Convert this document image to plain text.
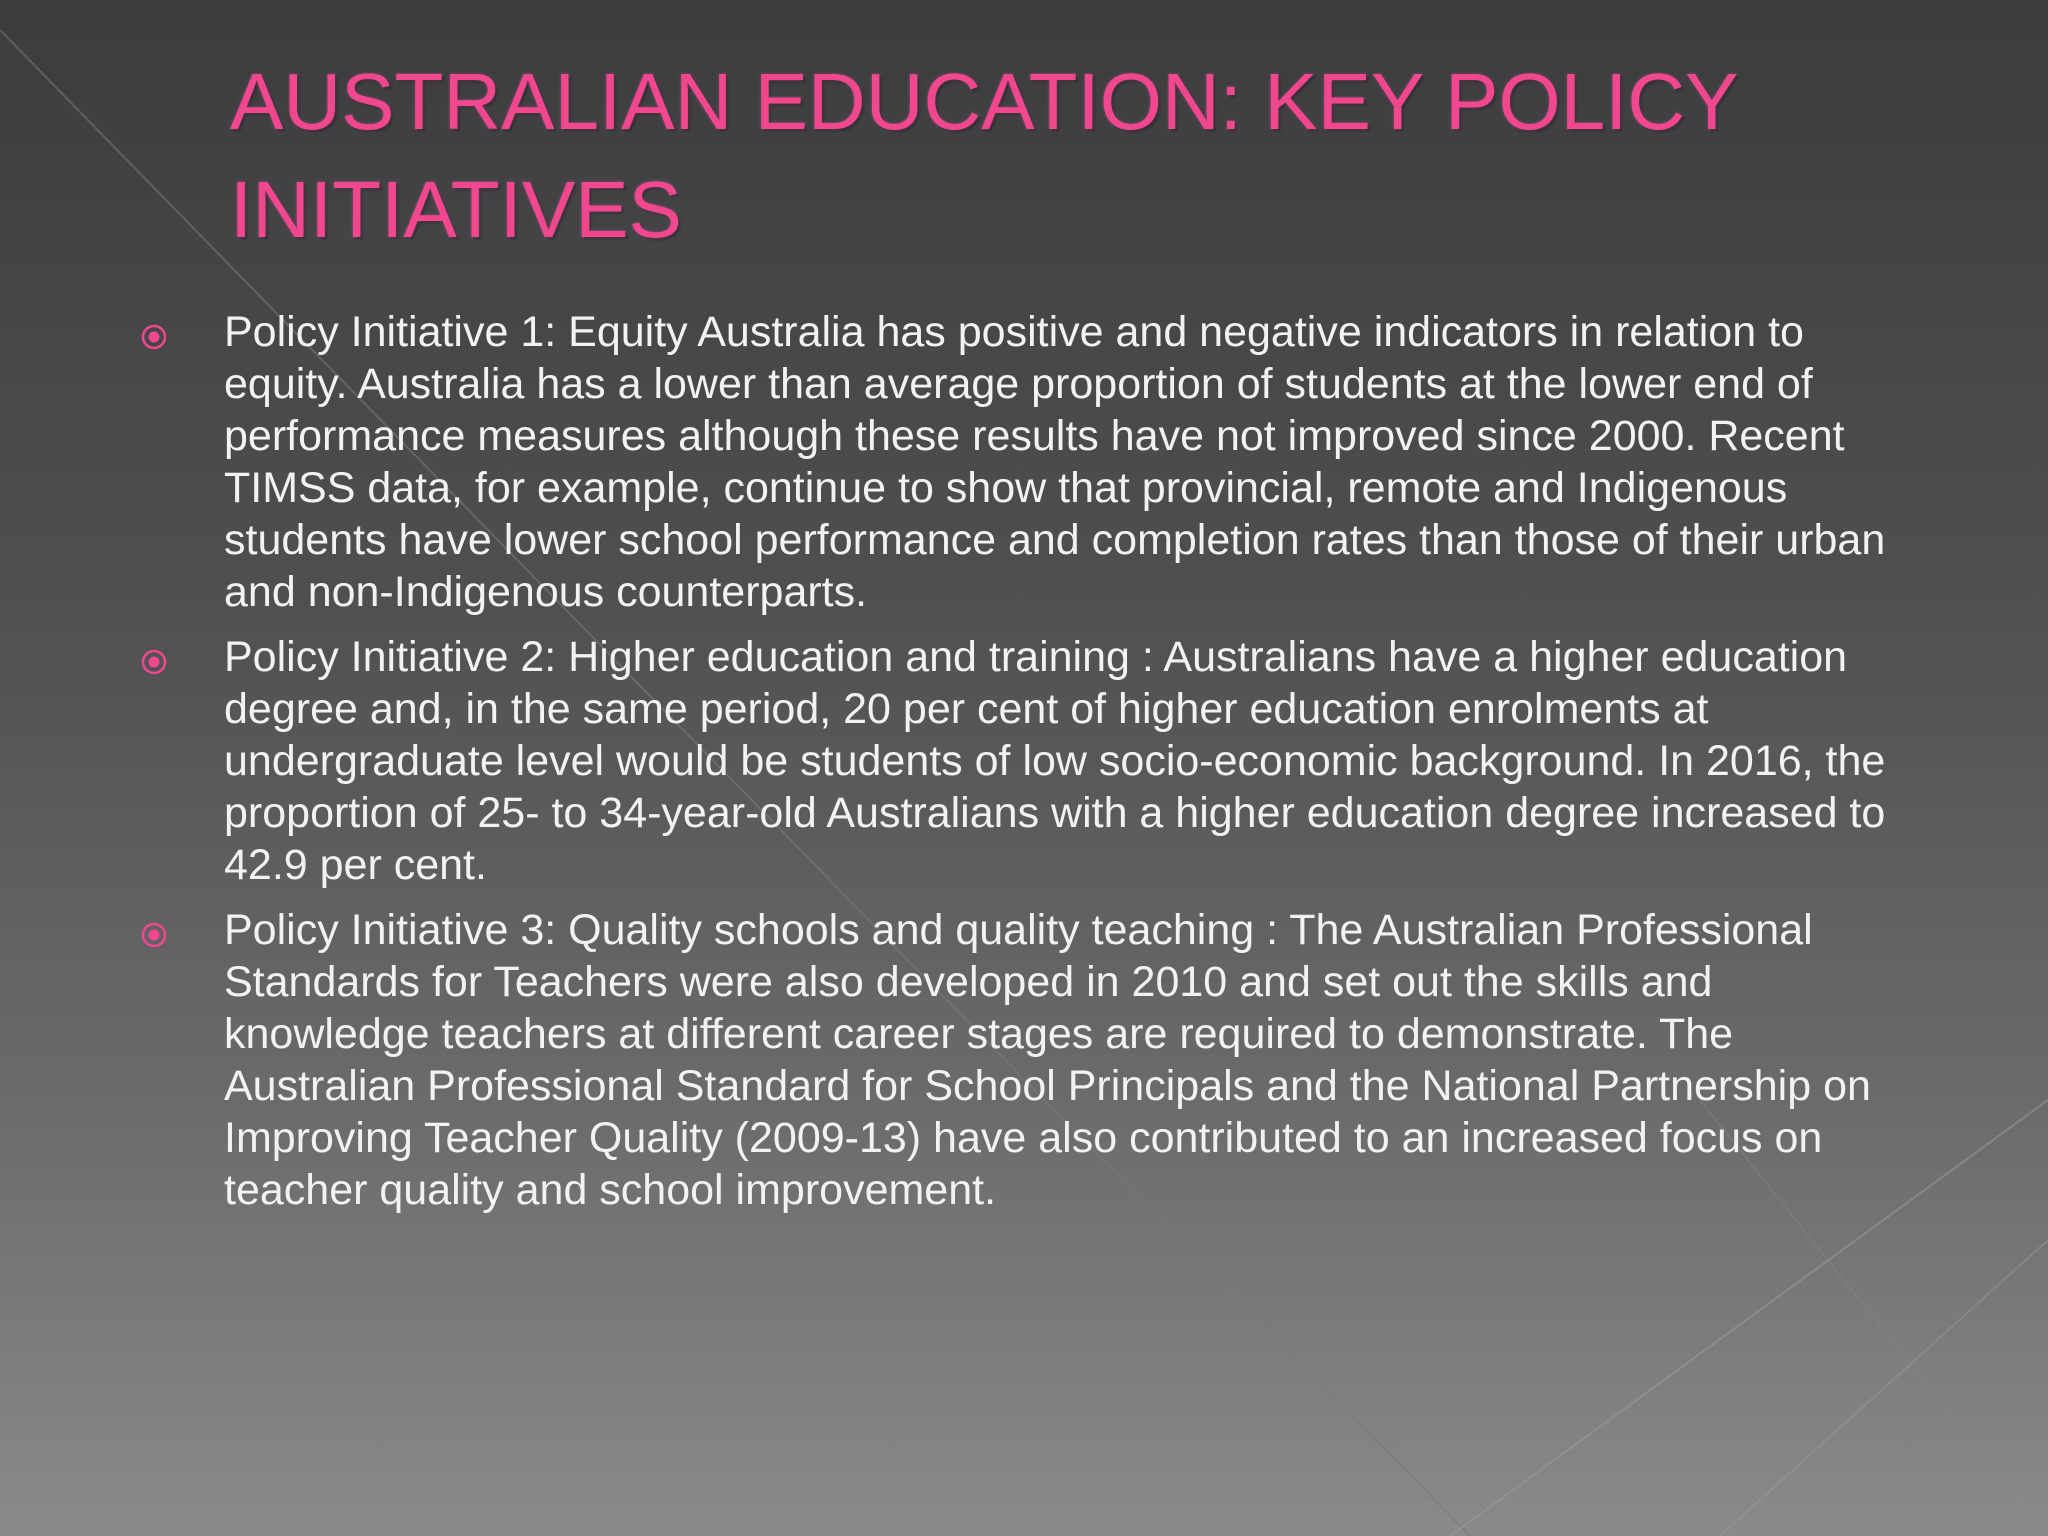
AUSTRALIAN EDUCATION: KEY POLICY INITIATIVES
Policy Initiative 1: Equity Australia has positive and negative indicators in relation to equity. Australia has a lower than average proportion of students at the lower end of performance measures although these results have not improved since 2000. Recent TIMSS data, for example, continue to show that provincial, remote and Indigenous students have lower school performance and completion rates than those of their urban and non-Indigenous counterparts.
Policy Initiative 2: Higher education and training : Australians have a higher education degree and, in the same period, 20 per cent of higher education enrolments at undergraduate level would be students of low socio-economic background. In 2016, the proportion of 25- to 34-year-old Australians with a higher education degree increased to 42.9 per cent.
Policy Initiative 3: Quality schools and quality teaching : The Australian Professional Standards for Teachers were also developed in 2010 and set out the skills and knowledge teachers at different career stages are required to demonstrate. The Australian Professional Standard for School Principals and the National Partnership on Improving Teacher Quality (2009-13) have also contributed to an increased focus on teacher quality and school improvement.
